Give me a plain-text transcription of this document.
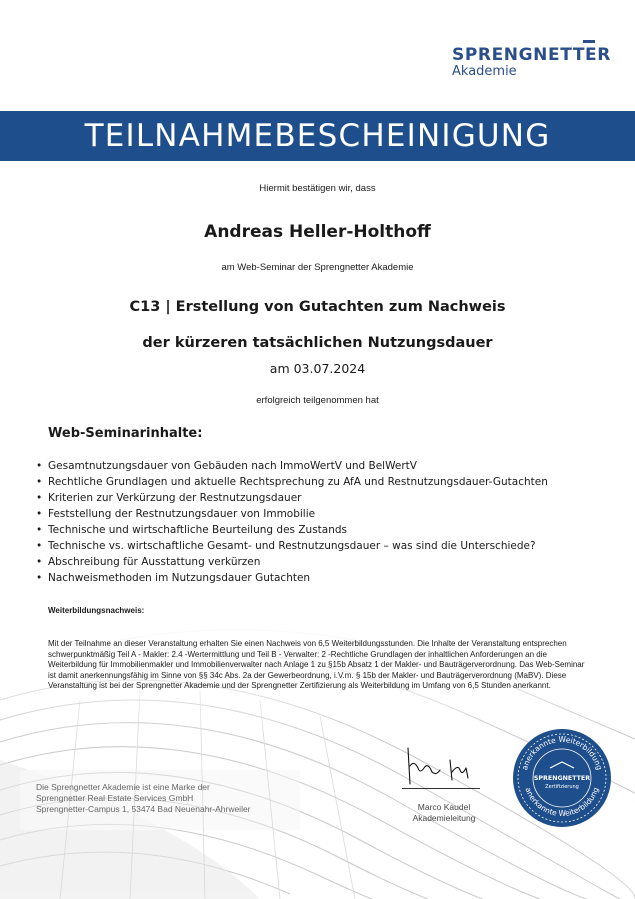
SPRENGNETTER
Akademie
TEILNAHMEBESCHEINIGUNG
Hiermit bestätigen wir, dass
Andreas Heller-Holthoff
am Web-Seminar der Sprengnetter Akademie
C13 | Erstellung von Gutachten zum Nachweis
der kürzeren tatsächlichen Nutzungsdauer
am 03.07.2024
erfolgreich teilgenommen hat
Web-Seminarinhalte:
• Gesamtnutzungsdauer von Gebäuden nach ImmoWertV und BelWertV
• Rechtliche Grundlagen und aktuelle Rechtsprechung zu AfA und Restnutzungsdauer-Gutachten
• Kriterien zur Verkürzung der Restnutzungsdauer
• Feststellung der Restnutzungsdauer von Immobilie
• Technische und wirtschaftliche Beurteilung des Zustands
• Technische vs. wirtschaftliche Gesamt- und Restnutzungsdauer – was sind die Unterschiede?
• Abschreibung für Ausstattung verkürzen
• Nachweismethoden im Nutzungsdauer Gutachten
Weiterbildungsnachweis:
Mit der Teilnahme an dieser Veranstaltung erhalten Sie einen Nachweis von 6,5 Weiterbildungsstunden. Die Inhalte der Veranstaltung entsprechen schwerpunktmäßig Teil A - Makler: 2.4 -Wertermittlung und Teil B - Verwalter: 2 -Rechtliche Grundlagen der inhaltlichen Anforderungen an die Weiterbildung für Immobilienmakler und Immobilienverwalter nach Anlage 1 zu §15b Absatz 1 der Makler- und Bauträgerverordnung. Das Web-Seminar ist damit anerkennungsfähig im Sinne von §§ 34c Abs. 2a der Gewerbeordnung, i.V.m. § 15b der Makler- und Bauträgerverordnung (MaBV). Diese Veranstaltung ist bei der Sprengnetter Akademie und der Sprengnetter Zertifizierung als Weiterbildung im Umfang von 6,5 Stunden anerkannt.
Die Sprengnetter Akademie ist eine Marke der
Sprengnetter Real Estate Services GmbH
Sprengnetter-Campus 1, 53474 Bad Neuenahr-Ahrweiler	Marco Kaudel
Akademieleitung
anerkannte Weiterbildung
anerkannte Weiterbildung
SPRENGNETTER
Zertifizierung
